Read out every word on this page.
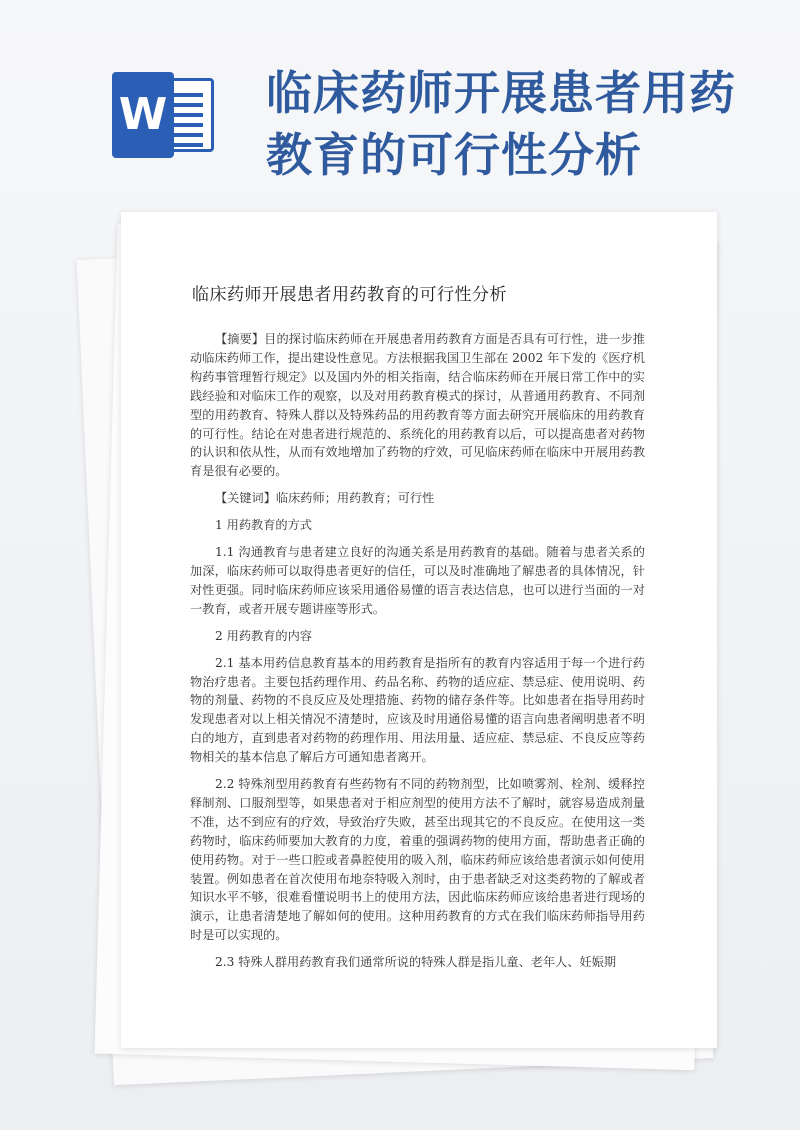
W 临床药师开展患者用药教育的可行性分析
临床药师开展患者用药教育的可行性分析

【摘要】目的探讨临床药师在开展患者用药教育方面是否具有可行性，进一步推动临床药师工作，提出建设性意见。方法根据我国卫生部在 2002 年下发的《医疗机构药事管理暂行规定》以及国内外的相关指南，结合临床药师在开展日常工作中的实践经验和对临床工作的观察，以及对用药教育模式的探讨，从普通用药教育、不同剂型的用药教育、特殊人群以及特殊药品的用药教育等方面去研究开展临床的用药教育的可行性。结论在对患者进行规范的、系统化的用药教育以后，可以提高患者对药物的认识和依从性，从而有效地增加了药物的疗效，可见临床药师在临床中开展用药教育是很有必要的。

【关键词】临床药师；用药教育；可行性

1 用药教育的方式

1.1 沟通教育与患者建立良好的沟通关系是用药教育的基础。随着与患者关系的加深，临床药师可以取得患者更好的信任，可以及时准确地了解患者的具体情况，针对性更强。同时临床药师应该采用通俗易懂的语言表达信息，也可以进行当面的一对一教育，或者开展专题讲座等形式。

2 用药教育的内容

2.1 基本用药信息教育基本的用药教育是指所有的教育内容适用于每一个进行药物治疗患者。主要包括药理作用、药品名称、药物的适应症、禁忌症、使用说明、药物的剂量、药物的不良反应及处理措施、药物的储存条件等。比如患者在指导用药时发现患者对以上相关情况不清楚时，应该及时用通俗易懂的语言向患者阐明患者不明白的地方，直到患者对药物的药理作用、用法用量、适应症、禁忌症、不良反应等药物相关的基本信息了解后方可通知患者离开。

2.2 特殊剂型用药教育有些药物有不同的药物剂型，比如喷雾剂、栓剂、缓释控释制剂、口服剂型等，如果患者对于相应剂型的使用方法不了解时，就容易造成剂量不准，达不到应有的疗效，导致治疗失败，甚至出现其它的不良反应。在使用这一类药物时，临床药师要加大教育的力度，着重的强调药物的使用方面，帮助患者正确的使用药物。对于一些口腔或者鼻腔使用的吸入剂，临床药师应该给患者演示如何使用装置。例如患者在首次使用布地奈特吸入剂时，由于患者缺乏对这类药物的了解或者知识水平不够，很难看懂说明书上的使用方法，因此临床药师应该给患者进行现场的演示，让患者清楚地了解如何的使用。这种用药教育的方式在我们临床药师指导用药时是可以实现的。

2.3 特殊人群用药教育我们通常所说的特殊人群是指儿童、老年人、妊娠期
